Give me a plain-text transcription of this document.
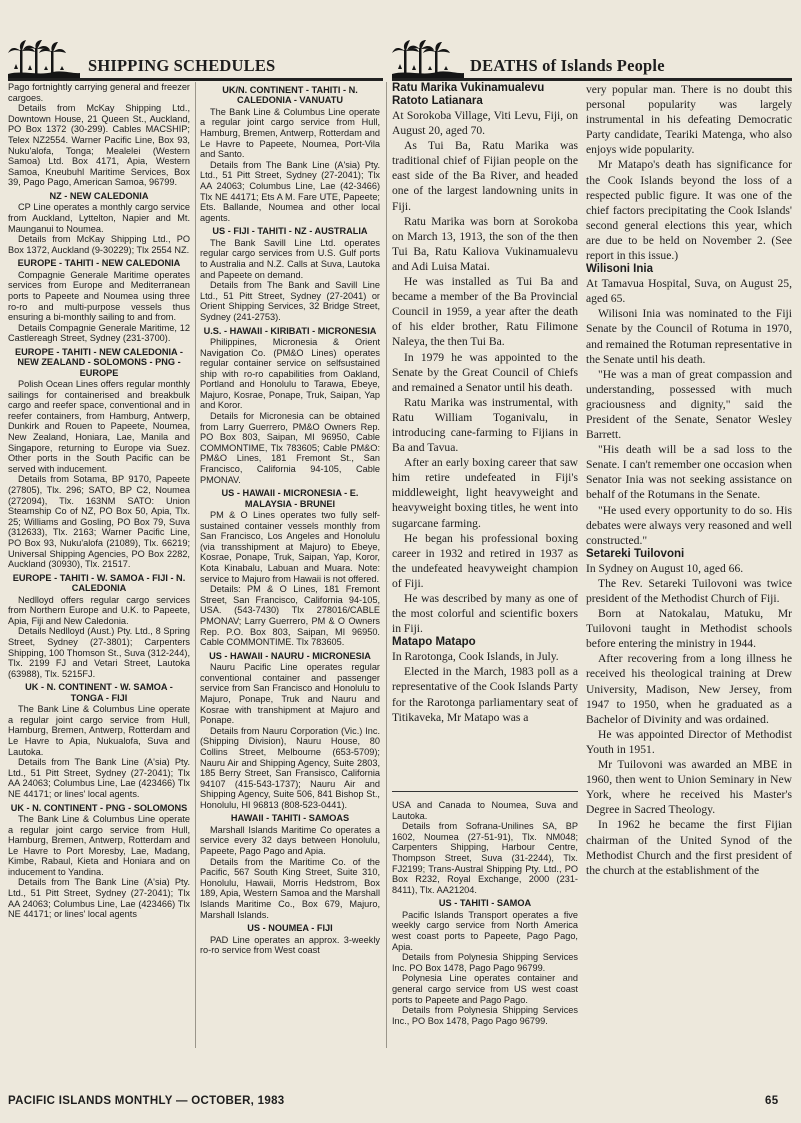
SHIPPING SCHEDULES	DEATHS of Islands People

Pago fortnightly carrying general and freezer cargoes.

Details from McKay Shipping Ltd., Downtown House, 21 Queen St., Auckland, PO Box 1372 (30-299). Cables MACSHIP; Telex NZ2554. Warner Pacific Line, Box 93, Nuku'alofa, Tonga; Mealelei (Western Samoa) Ltd. Box 4171, Apia, Western Samoa, Kneubuhl Maritime Services, Box 39, Pago Pago, American Samoa, 96799.

NZ - NEW CALEDONIA

CP Line operates a monthly cargo service from Auckland, Lyttelton, Napier and Mt. Maunganui to Noumea.

Details from McKay Shipping Ltd., PO Box 1372, Auckland (9-30229); Tlx 2554 NZ.

EUROPE - TAHITI - NEW CALEDONIA

Compagnie Generale Maritime operates services from Europe and Mediterranean ports to Papeete and Noumea using three ro-ro and multi-purpose vessels thus ensuring a bi-monthly sailing to and from.

Details Compagnie Generale Maritime, 12 Castlereagh Street, Sydney (231-3700).

EUROPE - TAHITI - NEW CALEDONIA - NEW ZEALAND - SOLOMONS - PNG - EUROPE

Polish Ocean Lines offers regular monthly sailings for containerised and breakbulk cargo and reefer space, conventional and in reefer containers, from Hamburg, Antwerp, Dunkirk and Rouen to Papeete, Noumea, New Zealand, Honiara, Lae, Manila and Singapore, returning to Europe via Suez. Other ports in the South Pacific can be served with inducement.

Details from Sotama, BP 9170, Papeete (27805), Tlx. 296; SATO, BP C2, Noumea (272094), Tlx. 163NM SATO: Union Steamship Co of NZ, PO Box 50, Apia, Tlx. 25; Williams and Gosling, PO Box 79, Suva (312633), Tlx. 2163; Warner Pacific Line, PO Box 93, Nuku'alofa (21089), Tlx. 66219; Universal Shipping Agencies, PO Box 2282, Auckland (30930), Tlx. 21517.

EUROPE - TAHITI - W. SAMOA - FIJI - N. CALEDONIA

Nedlloyd offers regular cargo services from Northern Europe and U.K. to Papeete, Apia, Fiji and New Caledonia.

Details Nedlloyd (Aust.) Pty. Ltd., 8 Spring Street, Sydney (27-3801); Carpenters Shipping, 100 Thomson St., Suva (312-244), Tlx. 2199 FJ and Vetari Street, Lautoka (63988), Tlx. 5215FJ.

UK - N. CONTINENT - W. SAMOA - TONGA - FIJI

The Bank Line & Columbus Line operate a regular joint cargo service from Hull, Hamburg, Bremen, Antwerp, Rotterdam and Le Havre to Apia, Nukualofa, Suva and Lautoka.

Details from The Bank Line (A'sia) Pty. Ltd., 51 Pitt Street, Sydney (27-2041); Tlx AA 24063; Columbus Line, Lae (423466) Tlx NE 44171; or lines' local agents.

UK - N. CONTINENT - PNG - SOLOMONS

The Bank Line & Columbus Line operate a regular joint cargo service from Hull, Hamburg, Bremen, Antwerp, Rotterdam and Le Havre to Port Moresby, Lae, Madang, Kimbe, Rabaul, Kieta and Honiara and on inducement to Yandina.

Details from The Bank Line (A'sia) Pty. Ltd., 51 Pitt Street, Sydney (27-2041); Tlx AA 24063; Columbus Line, Lae (423466) Tlx NE 44171; or lines' local agents

UK/N. CONTINENT - TAHITI - N. CALEDONIA - VANUATU

The Bank Line & Columbus Line operate a regular joint cargo service from Hull, Hamburg, Bremen, Antwerp, Rotterdam and Le Havre to Papeete, Noumea, Port-Vila and Santo.

Details from The Bank Line (A'sia) Pty. Ltd., 51 Pitt Street, Sydney (27-2041); Tlx AA 24063; Columbus Line, Lae (42-3466) Tlx NE 44171; Ets A M. Fare UTE, Papeete; Ets. Ballande, Noumea and other local agents.

US - FIJI - TAHITI - NZ - AUSTRALIA

The Bank Savill Line Ltd. operates regular cargo services from U.S. Gulf ports to Australia and N.Z. Calls at Suva, Lautoka and Papeete on demand.

Details from The Bank and Savill Line Ltd., 51 Pitt Street, Sydney (27-2041) or Orient Shipping Services, 32 Bridge Street, Sydney (241-2753).

U.S. - HAWAII - KIRIBATI - MICRONESIA

Philippines, Micronesia & Orient Navigation Co. (PM&O Lines) operates regular container service on selfsustained ship with ro-ro capabilities from Oakland, Portland and Honolulu to Tarawa, Ebeye, Majuro, Kosrae, Ponape, Truk, Saipan, Yap and Koror.

Details for Micronesia can be obtained from Larry Guerrero, PM&O Owners Rep. PO Box 803, Saipan, MI 96950, Cable COMMONTIME, Tlx 783605; Cable PM&O: PM&O Lines, 181 Fremont St., San Francisco, California 94-105, Cable PMONAV.

US - HAWAII - MICRONESIA - E. MALAYSIA - BRUNEI

PM & O Lines operates two fully self-sustained container vessels monthly from San Francisco, Los Angeles and Honolulu (via transshipment at Majuro) to Ebeye, Kosrae, Ponape, Truk, Saipan, Yap, Koror, Kota Kinabalu, Labuan and Muara. Note: service to Majuro from Hawaii is not offered.

Details: PM & O Lines, 181 Fremont Street, San Francisco, California 94-105, USA. (543-7430) Tlx 278016/CABLE PMONAV; Larry Guerrero, PM & O Owners Rep. P.O. Box 803, Saipan, MI 96950. Cable COMMONTIME. Tlx 783605.

US - HAWAII - NAURU - MICRONESIA

Nauru Pacific Line operates regular conventional container and passenger service from San Francisco and Honolulu to Majuro, Ponape, Truk and Nauru and Kosrae with transhipment at Majuro and Ponape.

Details from Nauru Corporation (Vic.) Inc. (Shipping Division), Nauru House, 80 Collins Street, Melbourne (653-5709); Nauru Air and Shipping Agency, Suite 2803, 185 Berry Street, San Fransisco, California 94107 (415-543-1737); Nauru Air and Shipping Agency, Suite 506, 841 Bishop St., Honolulu, HI 96813 (808-523-0441).

HAWAII - TAHITI - SAMOAS

Marshall Islands Maritime Co operates a service every 32 days between Honolulu, Papeete, Pago Pago and Apia.

Details from the Maritime Co. of the Pacific, 567 South King Street, Suite 310, Honolulu, Hawaii, Morris Hedstrom, Box 189, Apia, Western Samoa and the Marshall Islands Maritime Co., Box 679, Majuro, Marshall Islands.

US - NOUMEA - FIJI

PAD Line operates an approx. 3-weekly ro-ro service from West coast

Ratu Marika Vukinamualevu Ratoto Latianara

At Sorokoba Village, Viti Levu, Fiji, on August 20, aged 70.

As Tui Ba, Ratu Marika was traditional chief of Fijian people on the east side of the Ba River, and headed one of the largest landowning units in Fiji.

Ratu Marika was born at Sorokoba on March 13, 1913, the son of the then Tui Ba, Ratu Kaliova Vukinamualevu and Adi Luisa Matai.

He was installed as Tui Ba and became a member of the Ba Provincial Council in 1959, a year after the death of his elder brother, Ratu Filimone Naleya, the then Tui Ba.

In 1979 he was appointed to the Senate by the Great Council of Chiefs and remained a Senator until his death.

Ratu Marika was instrumental, with Ratu William Toganivalu, in introducing cane-farming to Fijians in Ba and Tavua.

After an early boxing career that saw him retire undefeated in Fiji's middleweight, light heavyweight and heavyweight boxing titles, he went into sugarcane farming.

He began his professional boxing career in 1932 and retired in 1937 as the undefeated heavyweight champion of Fiji.

He was described by many as one of the most colorful and scientific boxers in Fiji.

Matapo Matapo

In Rarotonga, Cook Islands, in July.

Elected in the March, 1983 poll as a representative of the Cook Islands Party for the Rarotonga parliamentary seat of Titikaveka, Mr Matapo was a

USA and Canada to Noumea, Suva and Lautoka.

Details from Sofrana-Unilines SA, BP 1602, Noumea (27-51-91), Tlx. NM048; Carpenters Shipping, Harbour Centre, Thompson Street, Suva (31-2244), Tlx. FJ2199; Trans-Austral Shipping Pty. Ltd., PO Box R232, Royal Exchange, 2000 (231-8411), Tlx. AA21204.

US - TAHITI - SAMOA

Pacific Islands Transport operates a five weekly cargo service from North America west coast ports to Papeete, Pago Pago, Apia.

Details from Polynesia Shipping Services Inc. PO Box 1478, Pago Pago 96799.

Polynesia Line operates container and general cargo service from US west coast ports to Papeete and Pago Pago.

Details from Polynesia Shipping Services Inc., PO Box 1478, Pago Pago 96799.

very popular man. There is no doubt this personal popularity was largely instrumental in his defeating Democratic Party candidate, Teariki Matenga, who also enjoys wide popularity.

Mr Matapo's death has significance for the Cook Islands beyond the loss of a respected public figure. It was one of the chief factors precipitating the Cook Islands' second general elections this year, which are due to be held on November 2. (See report in this issue.)

Wilisoni Inia

At Tamavua Hospital, Suva, on August 25, aged 65.

Wilisoni Inia was nominated to the Fiji Senate by the Council of Rotuma in 1970, and remained the Rotuman representative in the Senate until his death.

"He was a man of great compassion and understanding, possessed with much graciousness and dignity," said the President of the Senate, Senator Wesley Barrett.

"His death will be a sad loss to the Senate. I can't remember one occasion when Senator Inia was not seeking assistance on behalf of the Rotumans in the Senate.

"He used every opportunity to do so. His debates were always very reasoned and well constructed."

Setareki Tuilovoni

In Sydney on August 10, aged 66.

The Rev. Setareki Tuilovoni was twice president of the Methodist Church of Fiji.

Born at Natokalau, Matuku, Mr Tuilovoni taught in Methodist schools before entering the ministry in 1944.

After recovering from a long illness he received his theological training at Drew University, Madison, New Jersey, from 1947 to 1950, when he graduated as a Bachelor of Divinity and was ordained.

He was appointed Director of Methodist Youth in 1951.

Mr Tuilovoni was awarded an MBE in 1960, then went to Union Seminary in New York, where he received his Master's Degree in Sacred Theology.

In 1962 he became the first Fijian chairman of the United Synod of the Methodist Church and the first president of the church at the establishment of the

PACIFIC ISLANDS MONTHLY — OCTOBER, 1983	65
